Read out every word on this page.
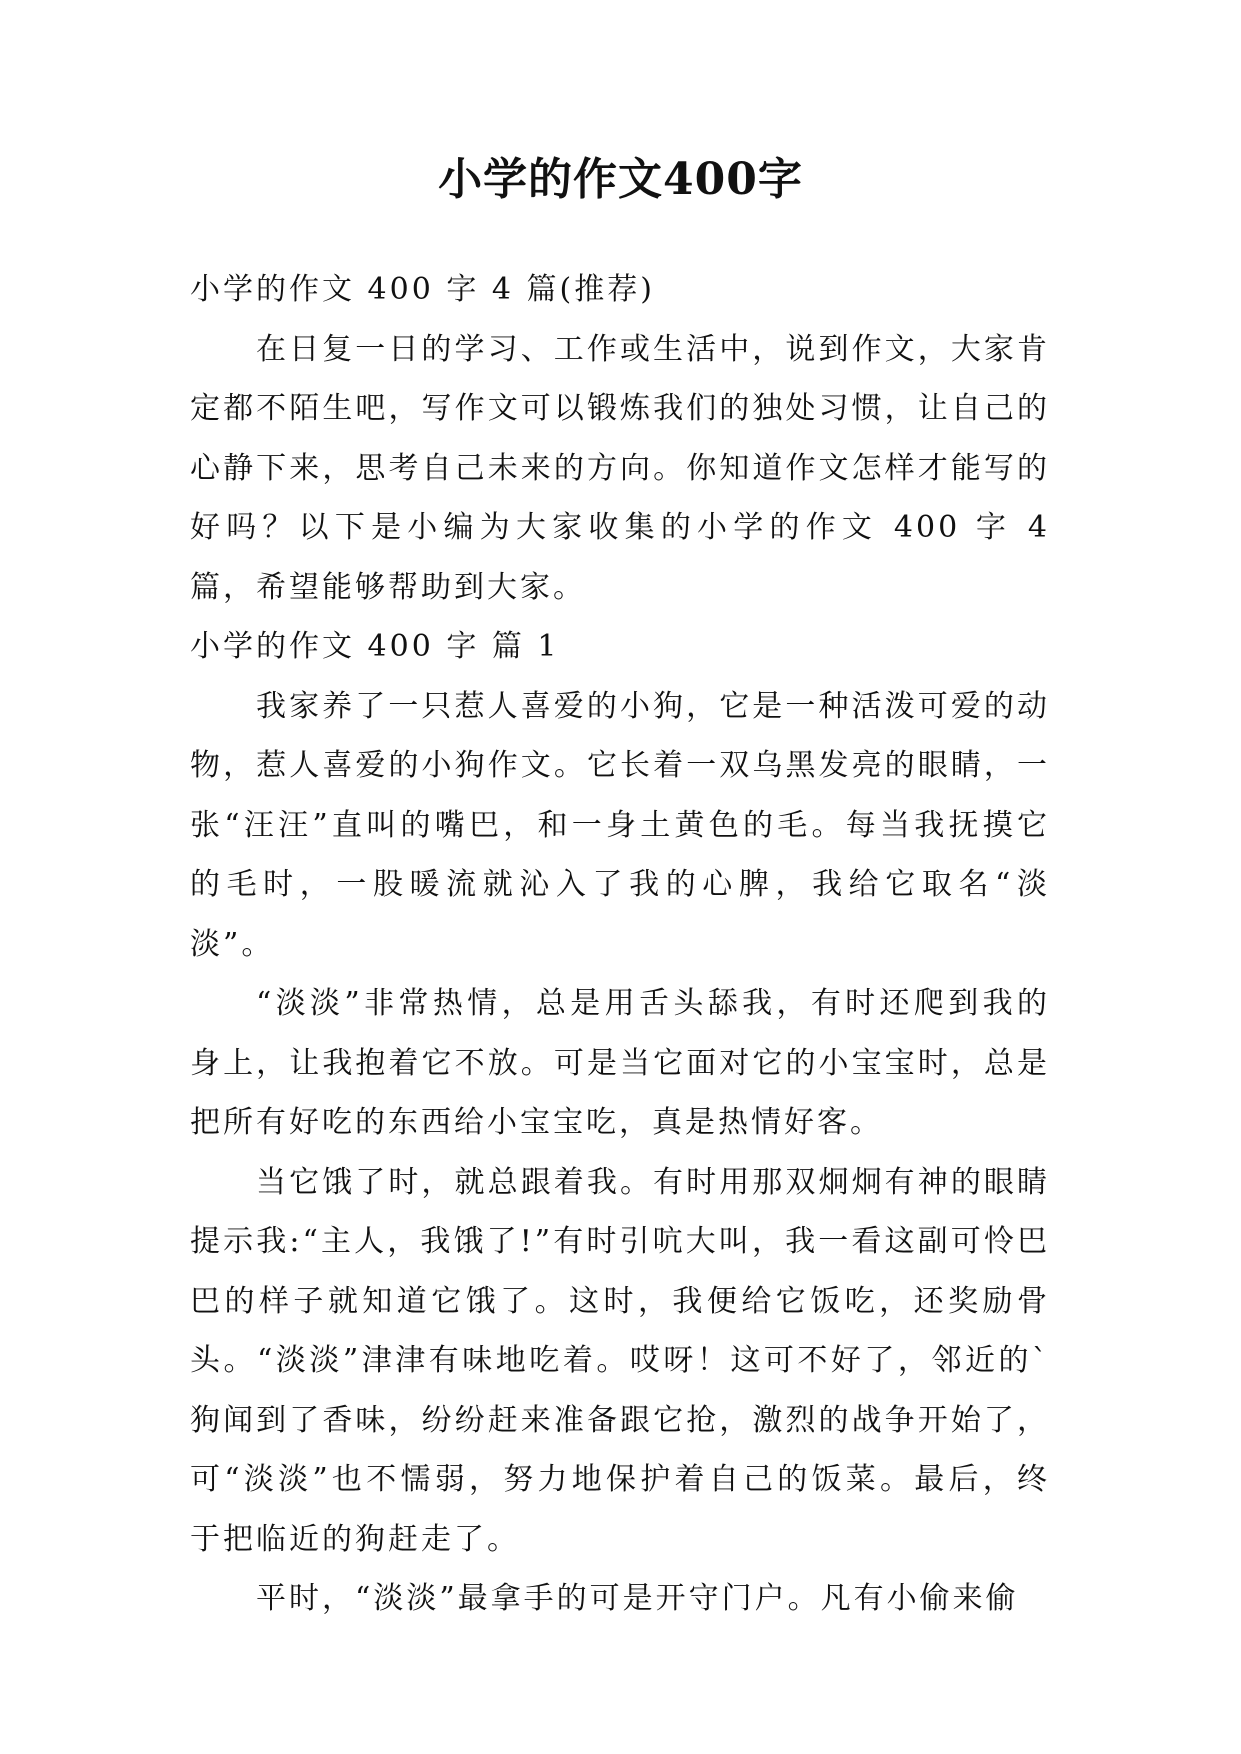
小学的作文400字

小学的作文 400 字 4 篇(推荐)

在日复一日的学习、工作或生活中，说到作文，大家肯定都不陌生吧，写作文可以锻炼我们的独处习惯，让自己的心静下来，思考自己未来的方向。你知道作文怎样才能写的好吗？以下是小编为大家收集的小学的作文 400 字 4 篇，希望能够帮助到大家。

小学的作文 400 字 篇 1

我家养了一只惹人喜爱的小狗，它是一种活泼可爱的动物，惹人喜爱的小狗作文。它长着一双乌黑发亮的眼睛，一张“汪汪”直叫的嘴巴，和一身土黄色的毛。每当我抚摸它的毛时，一股暖流就沁入了我的心脾，我给它取名“淡淡”。

“淡淡”非常热情，总是用舌头舔我，有时还爬到我的身上，让我抱着它不放。可是当它面对它的小宝宝时，总是把所有好吃的东西给小宝宝吃，真是热情好客。

当它饿了时，就总跟着我。有时用那双炯炯有神的眼睛提示我:“主人，我饿了!”有时引吭大叫，我一看这副可怜巴巴的样子就知道它饿了。这时，我便给它饭吃，还奖励骨头。“淡淡”津津有味地吃着。哎呀！这可不好了，邻近的`狗闻到了香味，纷纷赶来准备跟它抢，激烈的战争开始了，可“淡淡”也不懦弱，努力地保护着自己的饭菜。最后，终于把临近的狗赶走了。

平时，“淡淡”最拿手的可是开守门户。凡有小偷来偷
